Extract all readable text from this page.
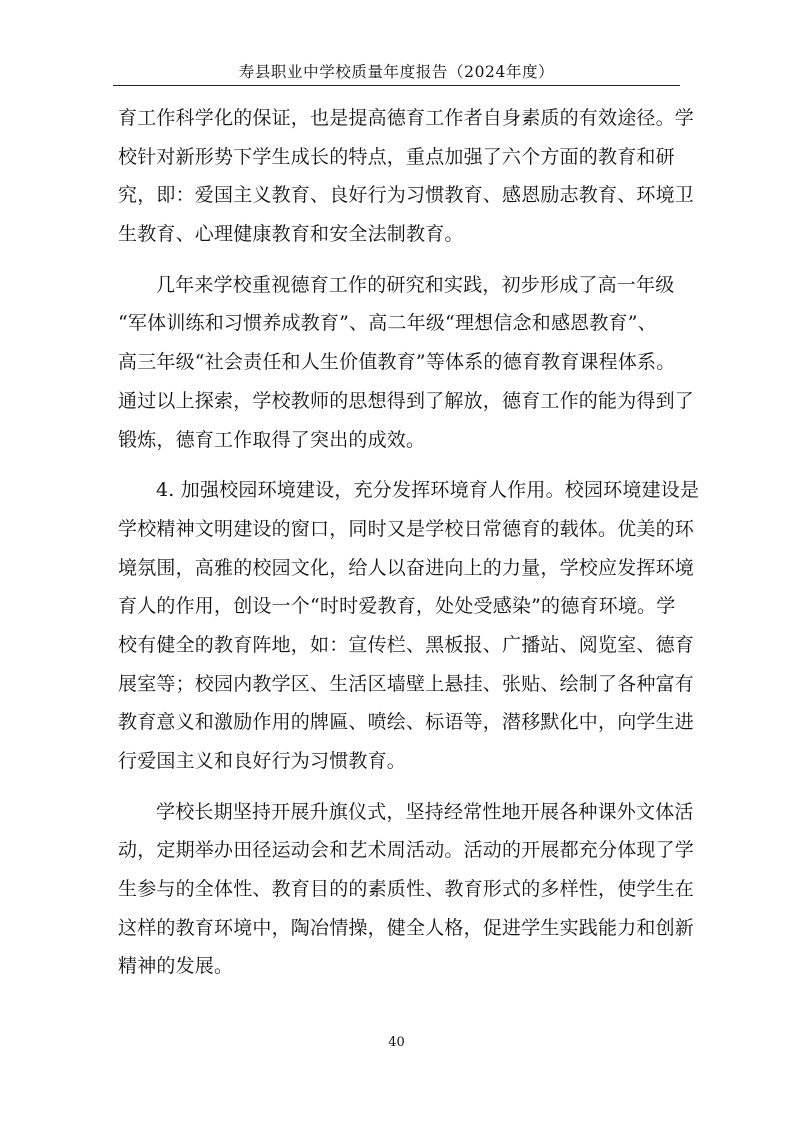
寿县职业中学校质量年度报告（2024年度）
育工作科学化的保证，也是提高德育工作者自身素质的有效途径。学
校针对新形势下学生成长的特点，重点加强了六个方面的教育和研
究，即：爱国主义教育、良好行为习惯教育、感恩励志教育、环境卫
生教育、心理健康教育和安全法制教育。
几年来学校重视德育工作的研究和实践，初步形成了高一年级
“军体训练和习惯养成教育”、高二年级“理想信念和感恩教育”、
高三年级“社会责任和人生价值教育”等体系的德育教育课程体系。
通过以上探索，学校教师的思想得到了解放，德育工作的能为得到了
锻炼，德育工作取得了突出的成效。
4. 加强校园环境建设，充分发挥环境育人作用。校园环境建设是
学校精神文明建设的窗口，同时又是学校日常德育的载体。优美的环
境氛围，高雅的校园文化，给人以奋进向上的力量，学校应发挥环境
育人的作用，创设一个“时时爱教育，处处受感染”的德育环境。学
校有健全的教育阵地，如：宣传栏、黑板报、广播站、阅览室、德育
展室等；校园内教学区、生活区墙壁上悬挂、张贴、绘制了各种富有
教育意义和激励作用的牌匾、喷绘、标语等，潜移默化中，向学生进
行爱国主义和良好行为习惯教育。
学校长期坚持开展升旗仪式，坚持经常性地开展各种课外文体活
动，定期举办田径运动会和艺术周活动。活动的开展都充分体现了学
生参与的全体性、教育目的的素质性、教育形式的多样性，使学生在
这样的教育环境中，陶冶情操，健全人格，促进学生实践能力和创新
精神的发展。
40
